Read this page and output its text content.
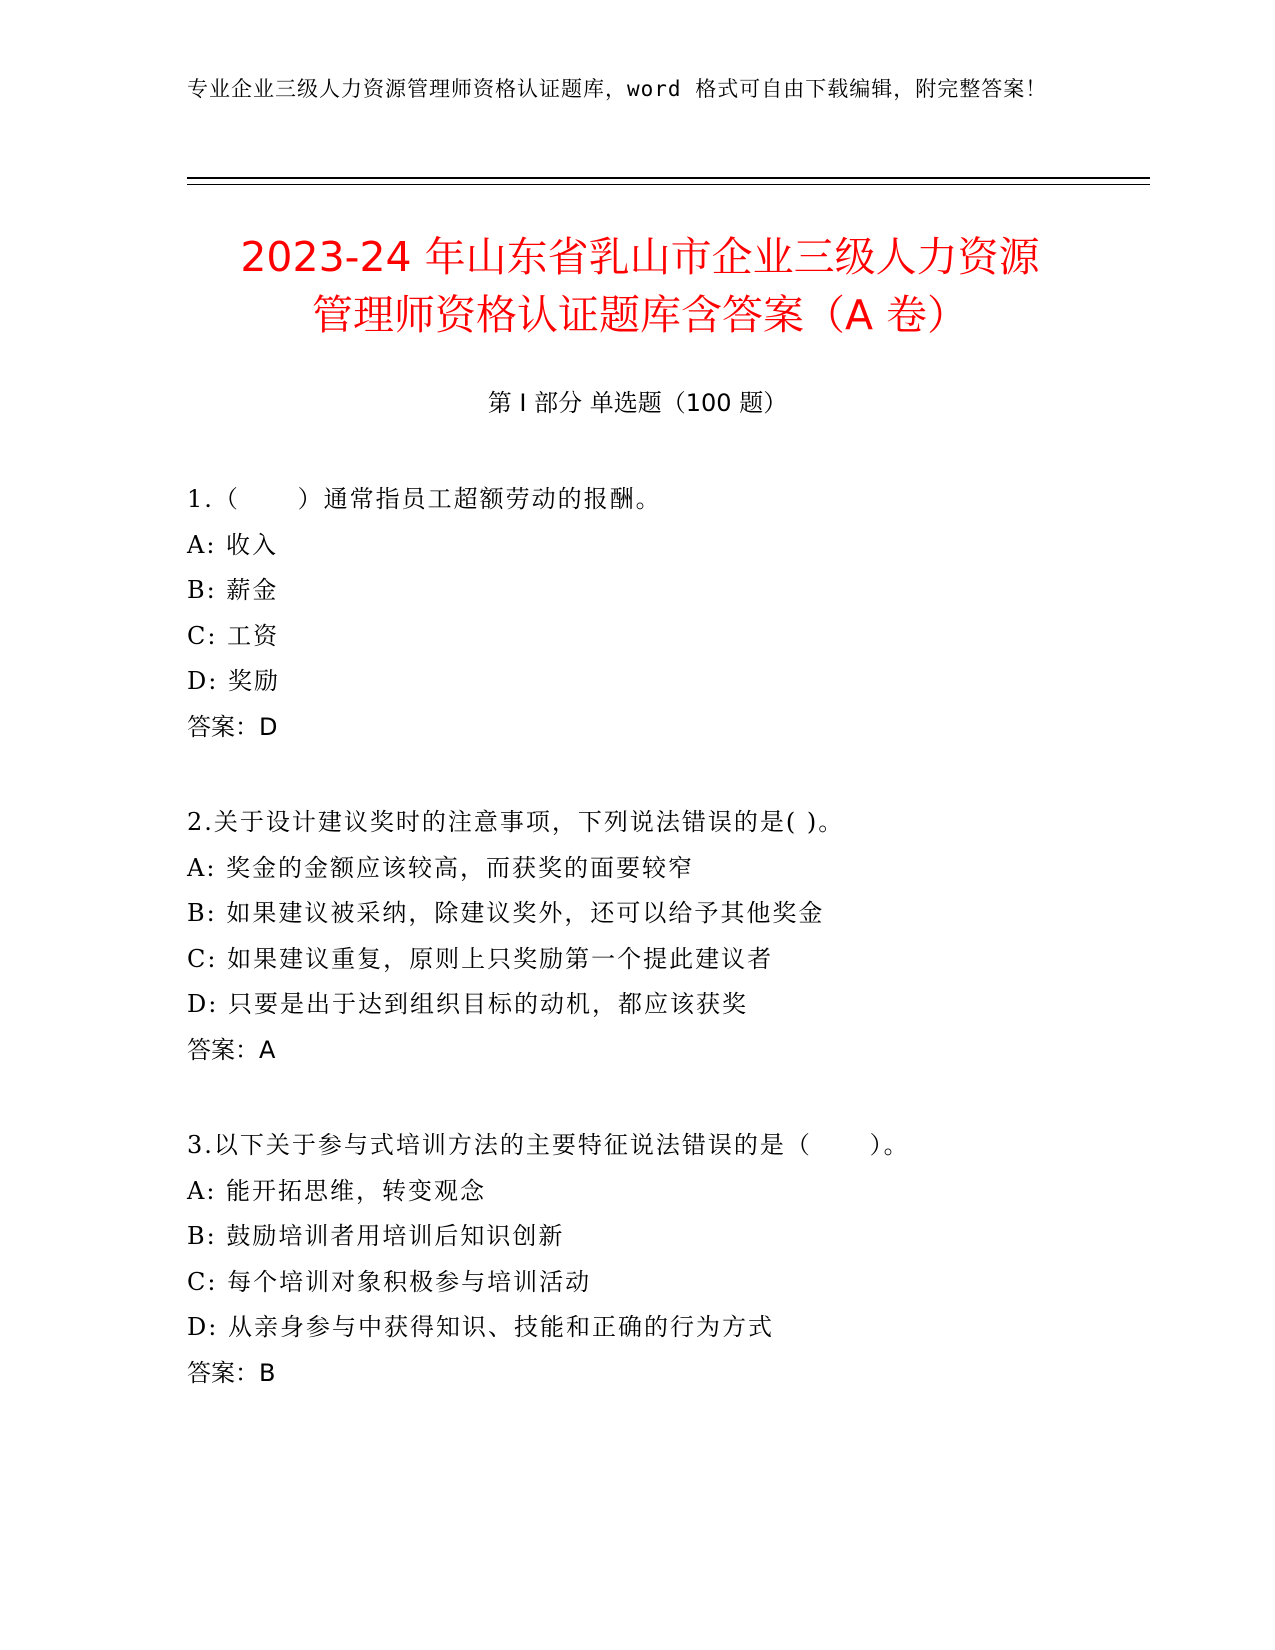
专业企业三级人力资源管理师资格认证题库，word 格式可自由下载编辑，附完整答案！
2023-24 年山东省乳山市企业三级人力资源
管理师资格认证题库含答案（A 卷）
第 I 部分 单选题（100 题）
1.（      ）通常指员工超额劳动的报酬。
A: 收入
B: 薪金
C: 工资
D: 奖励
答案：D
2.关于设计建议奖时的注意事项，下列说法错误的是( )。
A: 奖金的金额应该较高，而获奖的面要较窄
B: 如果建议被采纳，除建议奖外，还可以给予其他奖金
C: 如果建议重复，原则上只奖励第一个提此建议者
D: 只要是出于达到组织目标的动机，都应该获奖
答案：A
3.以下关于参与式培训方法的主要特征说法错误的是（      ）。
A: 能开拓思维，转变观念
B: 鼓励培训者用培训后知识创新
C: 每个培训对象积极参与培训活动
D: 从亲身参与中获得知识、技能和正确的行为方式
答案：B
